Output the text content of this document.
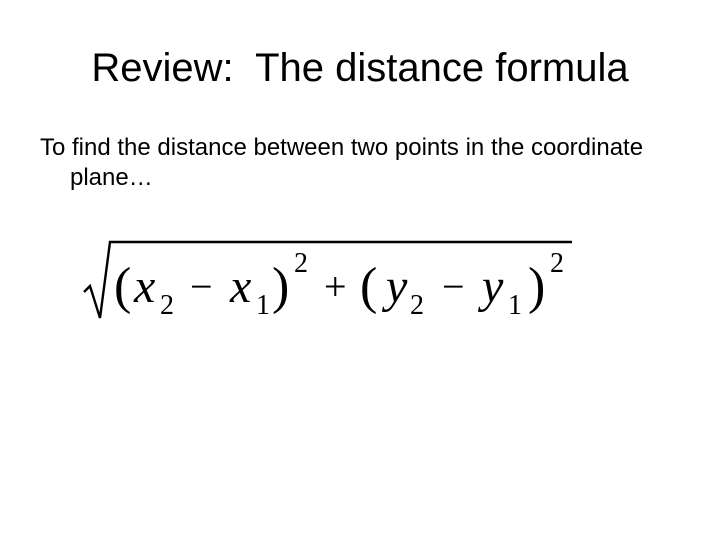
Review:  The distance formula
To find the distance between two points in the coordinate plane…
( x 2 − x 1 ) 2
+ ( y 2 − y 1 ) 2
